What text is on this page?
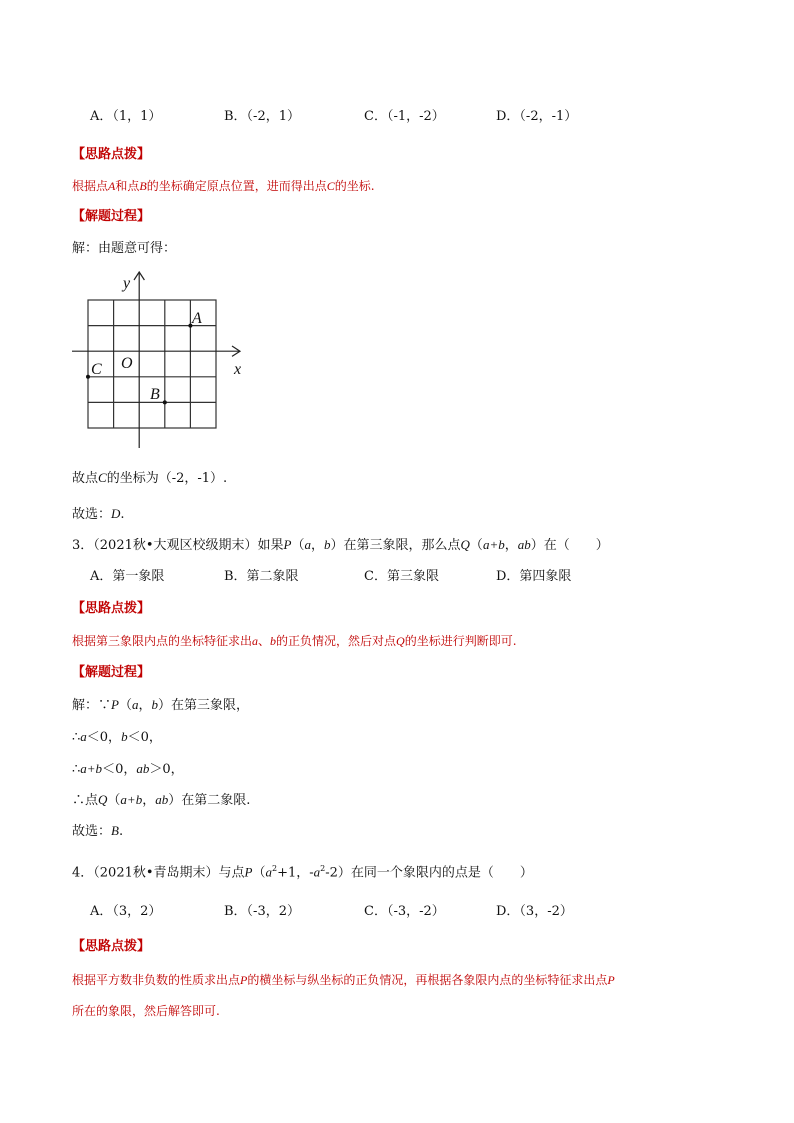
A．（1，1）	B．（-2，1）	C．（-1，-2）	D．（-2，-1）
【思路点拨】
根据点A和点B的坐标确定原点位置，进而得出点C的坐标.
【解题过程】
解：由题意可得：
x
y
O
A
B
C
故点C的坐标为（-2，-1）.
故选：D.
3．（2021秋•大观区校级期末）如果P（a，b）在第三象限，那么点Q（a+b，ab）在（　　）
A．第一象限	B．第二象限	C．第三象限	D．第四象限
【思路点拨】
根据第三象限内点的坐标特征求出a、b的正负情况，然后对点Q的坐标进行判断即可.
【解题过程】
解：∵P（a，b）在第三象限，
∴a＜0，b＜0，
∴a+b＜0，ab＞0，
∴点Q（a+b，ab）在第二象限.
故选：B.
4．（2021秋•青岛期末）与点$P(a^2+1$，$-a^2-2$）在同一个象限内的点是（　　）
A．（3，2）	B．（-3，2）	C．（-3，-2）	D．（3，-2）
【思路点拨】
根据平方数非负数的性质求出点P的横坐标与纵坐标的正负情况，再根据各象限内点的坐标特征求出点P
所在的象限，然后解答即可.
